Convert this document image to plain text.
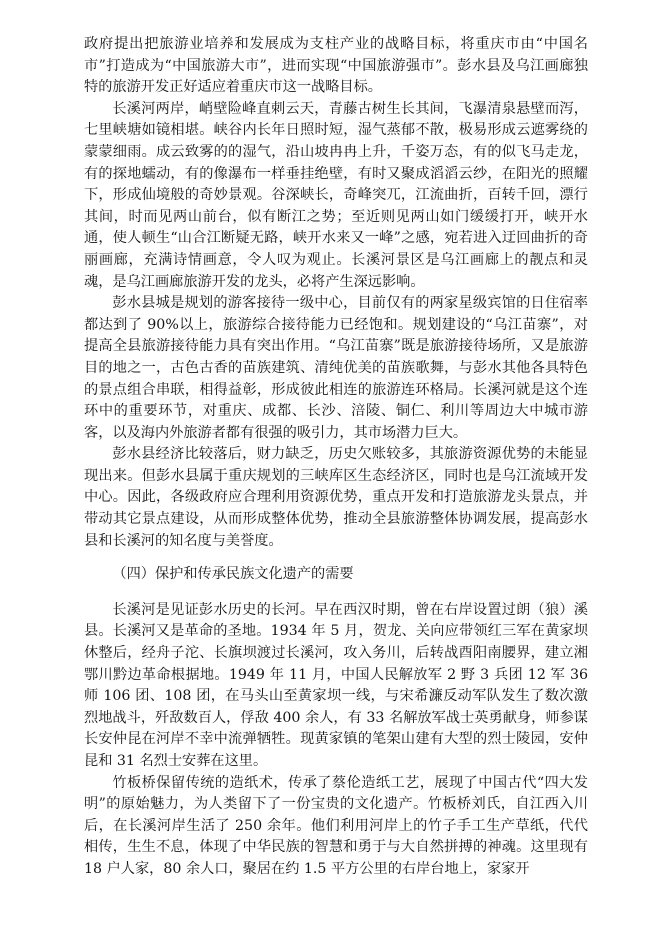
政府提出把旅游业培养和发展成为支柱产业的战略目标，将重庆市由“中国名市”打造成为“中国旅游大市”，进而实现“中国旅游强市”。彭水县及乌江画廊独特的旅游开发正好适应着重庆市这一战略目标。

长溪河两岸，峭壁险峰直刺云天，青藤古树生长其间，飞瀑清泉悬壁而泻，七里峡塘如镜相堪。峡谷内长年日照时短，湿气蒸郁不散，极易形成云遮雾绕的蒙蒙细雨。成云致雾的的湿气，沿山坡冉冉上升，千姿万态，有的似飞马走龙，有的探地蠕动，有的像瀑布一样垂挂绝壁，有时又聚成滔滔云纱，在阳光的照耀下，形成仙境般的奇妙景观。谷深峡长，奇峰突兀，江流曲折，百转千回，漂行其间，时而见两山前台，似有断江之势；至近则见两山如门缓缓打开，峡开水通，使人顿生“山合江断疑无路，峡开水来又一峰”之感，宛若进入迂回曲折的奇丽画廊，充满诗情画意，令人叹为观止。长溪河景区是乌江画廊上的靓点和灵魂，是乌江画廊旅游开发的龙头，必将产生深远影响。

彭水县城是规划的游客接待一级中心，目前仅有的两家星级宾馆的日住宿率都达到了 90%以上，旅游综合接待能力已经饱和。规划建设的“乌江苗寨”，对提高全县旅游接待能力具有突出作用。“乌江苗寨”既是旅游接待场所，又是旅游目的地之一，古色古香的苗族建筑、清纯优美的苗族歌舞，与彭水其他各具特色的景点组合串联，相得益彰，形成彼此相连的旅游连环格局。长溪河就是这个连环中的重要环节，对重庆、成都、长沙、涪陵、铜仁、利川等周边大中城市游客，以及海内外旅游者都有很强的吸引力，其市场潜力巨大。

彭水县经济比较落后，财力缺乏，历史欠账较多，其旅游资源优势的未能显现出来。但彭水县属于重庆规划的三峡库区生态经济区，同时也是乌江流域开发中心。因此，各级政府应合理利用资源优势，重点开发和打造旅游龙头景点，并带动其它景点建设，从而形成整体优势，推动全县旅游整体协调发展，提高彭水县和长溪河的知名度与美誉度。

（四）保护和传承民族文化遗产的需要

长溪河是见证彭水历史的长河。早在西汉时期，曾在右岸设置过朗（狼）溪县。长溪河又是革命的圣地。1934 年 5 月，贺龙、关向应带领红三军在黄家坝休整后，经舟子沱、长旗坝渡过长溪河，攻入务川，后转战酉阳南腰界，建立湘鄂川黔边革命根据地。1949 年 11 月，中国人民解放军 2 野 3 兵团 12 军 36 师 106 团、108 团，在马头山至黄家坝一线，与宋希濂反动军队发生了数次激烈地战斗，歼敌数百人，俘敌 400 余人，有 33 名解放军战士英勇献身，师参谋长安仲昆在河岸不幸中流弹牺牲。现黄家镇的笔架山建有大型的烈士陵园，安仲昆和 31 名烈士安葬在这里。

竹板桥保留传统的造纸术，传承了蔡伦造纸工艺，展现了中国古代“四大发明”的原始魅力，为人类留下了一份宝贵的文化遗产。竹板桥刘氏，自江西入川后，在长溪河岸生活了 250 余年。他们利用河岸上的竹子手工生产草纸，代代相传，生生不息，体现了中华民族的智慧和勇于与大自然拼搏的神魂。这里现有 18 户人家，80 余人口，聚居在约 1.5 平方公里的右岸台地上，家家开
